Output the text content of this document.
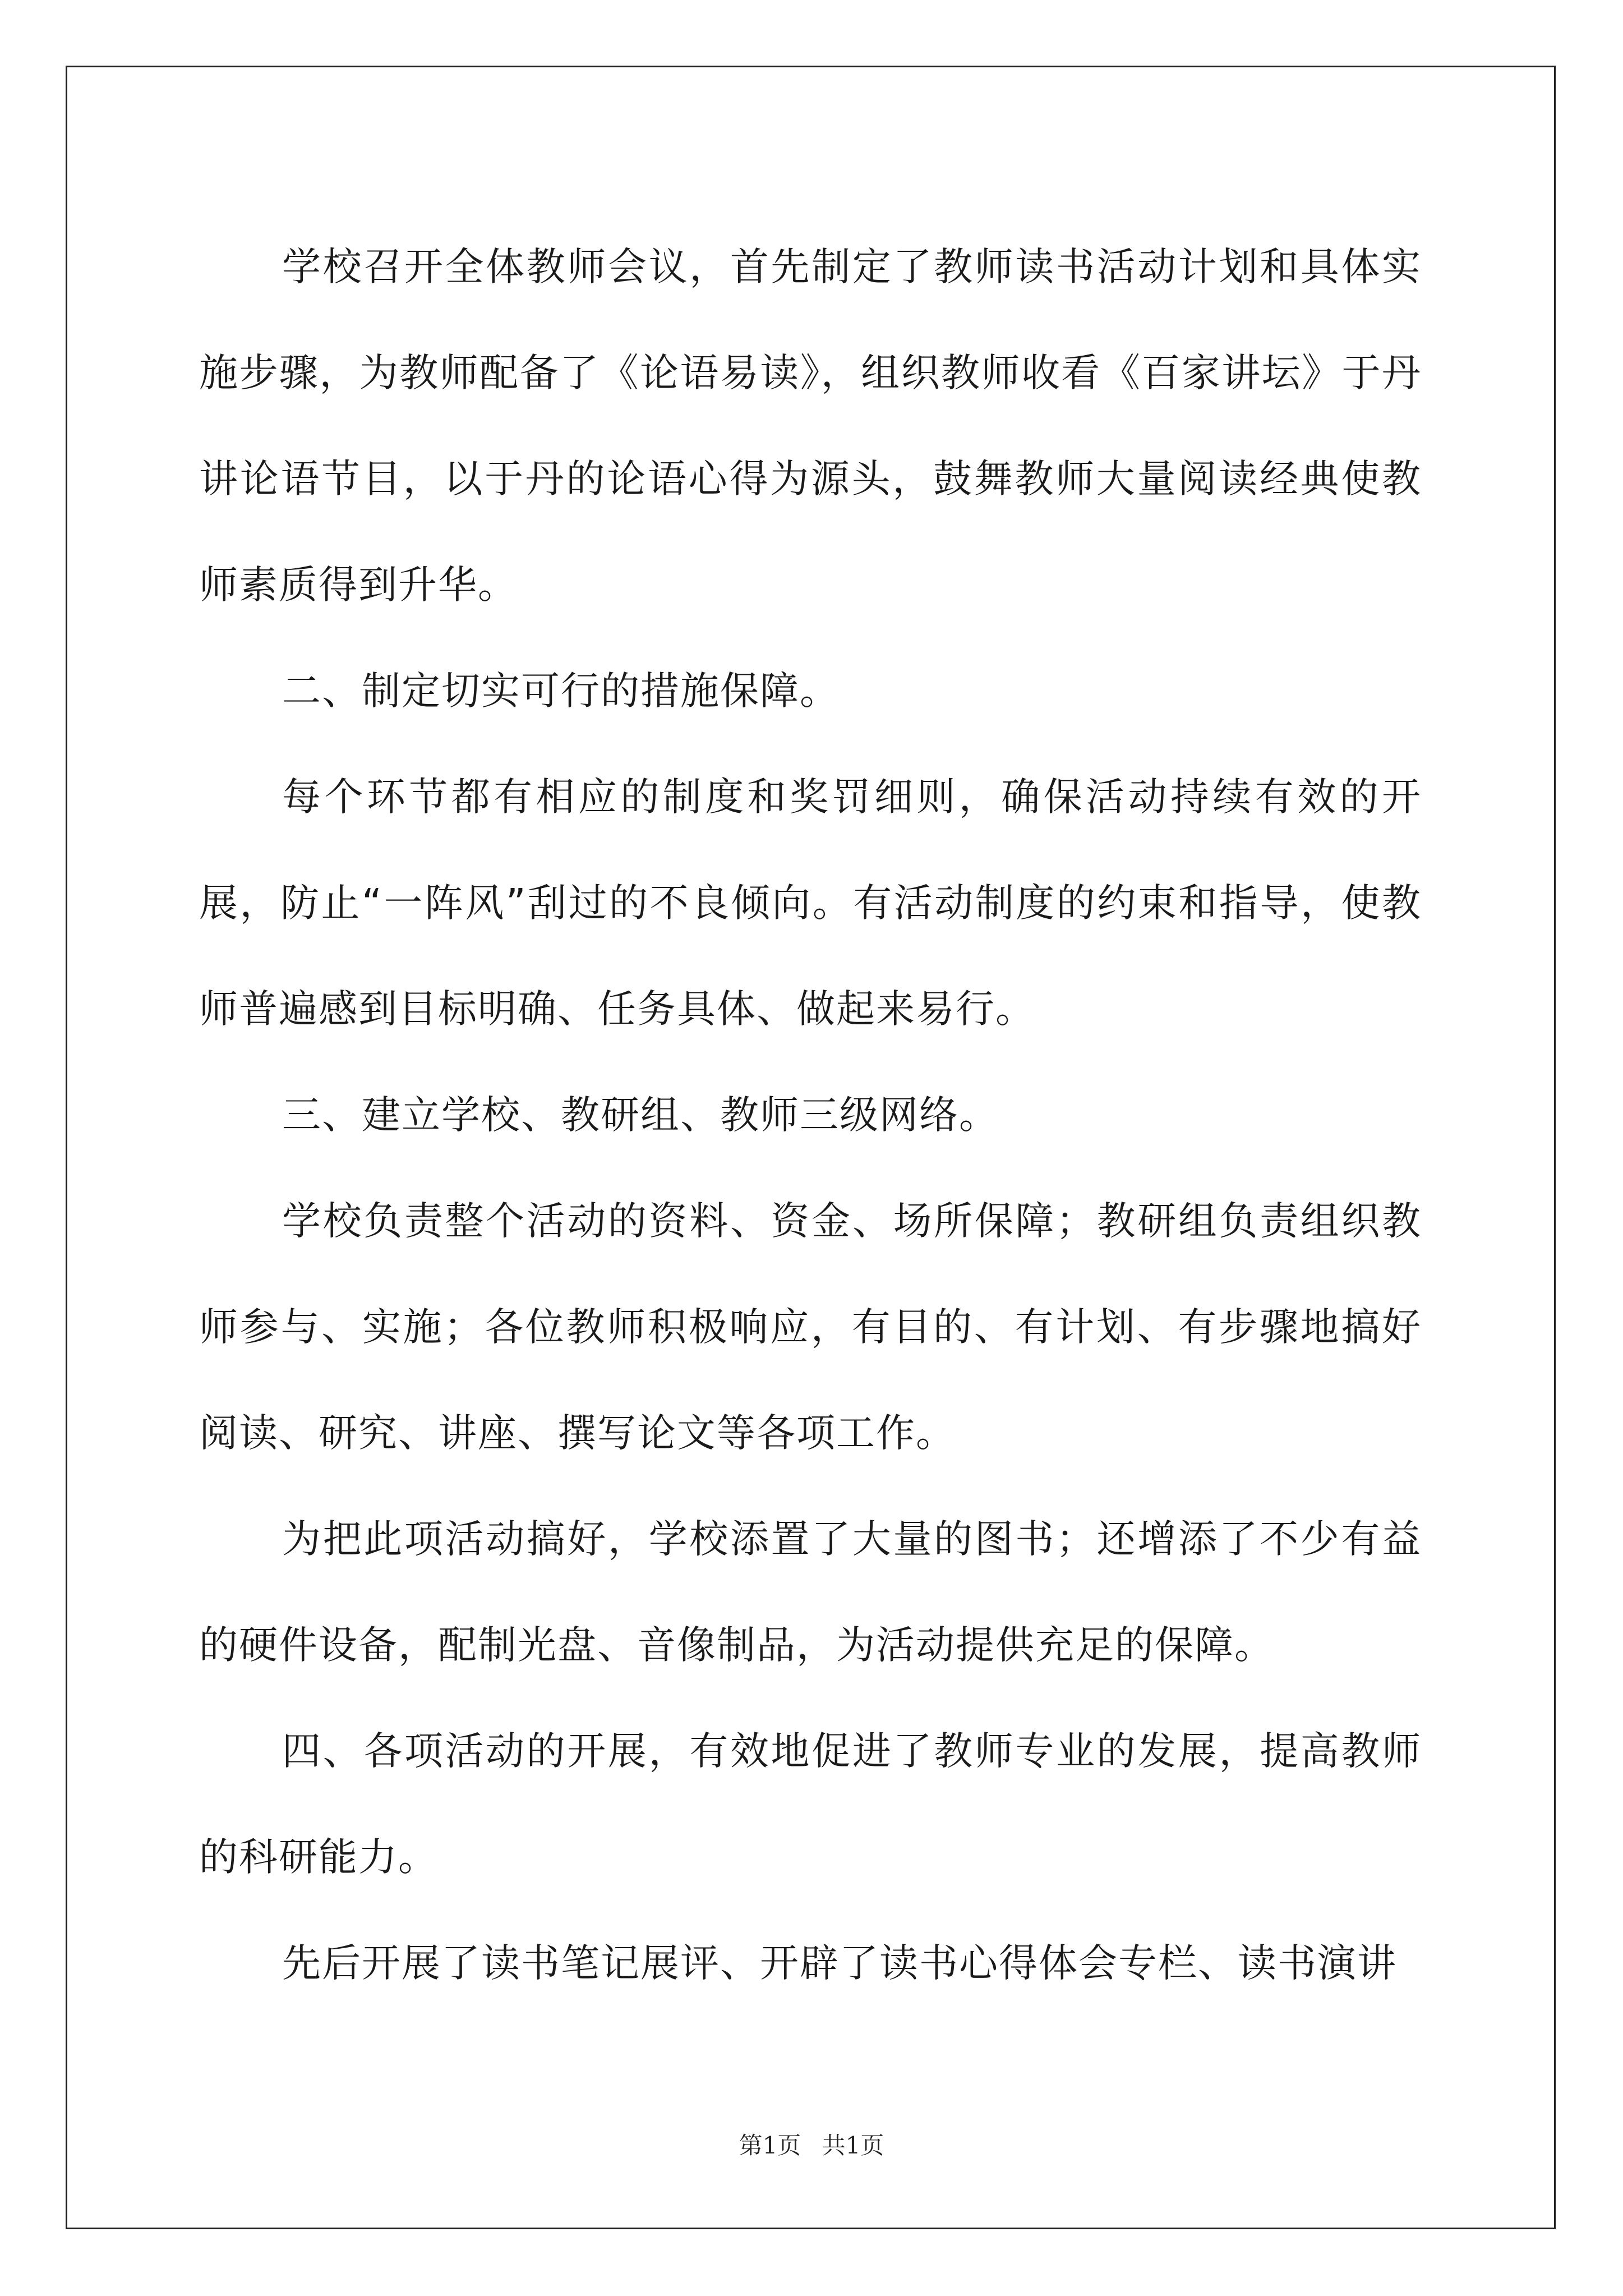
学校召开全体教师会议，首先制定了教师读书活动计划和具体实施步骤，为教师配备了《论语易读》，组织教师收看《百家讲坛》于丹讲论语节目，以于丹的论语心得为源头，鼓舞教师大量阅读经典使教师素质得到升华。

二、制定切实可行的措施保障。

每个环节都有相应的制度和奖罚细则，确保活动持续有效的开展，防止“一阵风”刮过的不良倾向。有活动制度的约束和指导，使教师普遍感到目标明确、任务具体、做起来易行。

三、建立学校、教研组、教师三级网络。

学校负责整个活动的资料、资金、场所保障；教研组负责组织教师参与、实施；各位教师积极响应，有目的、有计划、有步骤地搞好阅读、研究、讲座、撰写论文等各项工作。

为把此项活动搞好，学校添置了大量的图书；还增添了不少有益的硬件设备，配制光盘、音像制品，为活动提供充足的保障。

四、各项活动的开展，有效地促进了教师专业的发展，提高教师的科研能力。

先后开展了读书笔记展评、开辟了读书心得体会专栏、读书演讲

第1页 共1页
